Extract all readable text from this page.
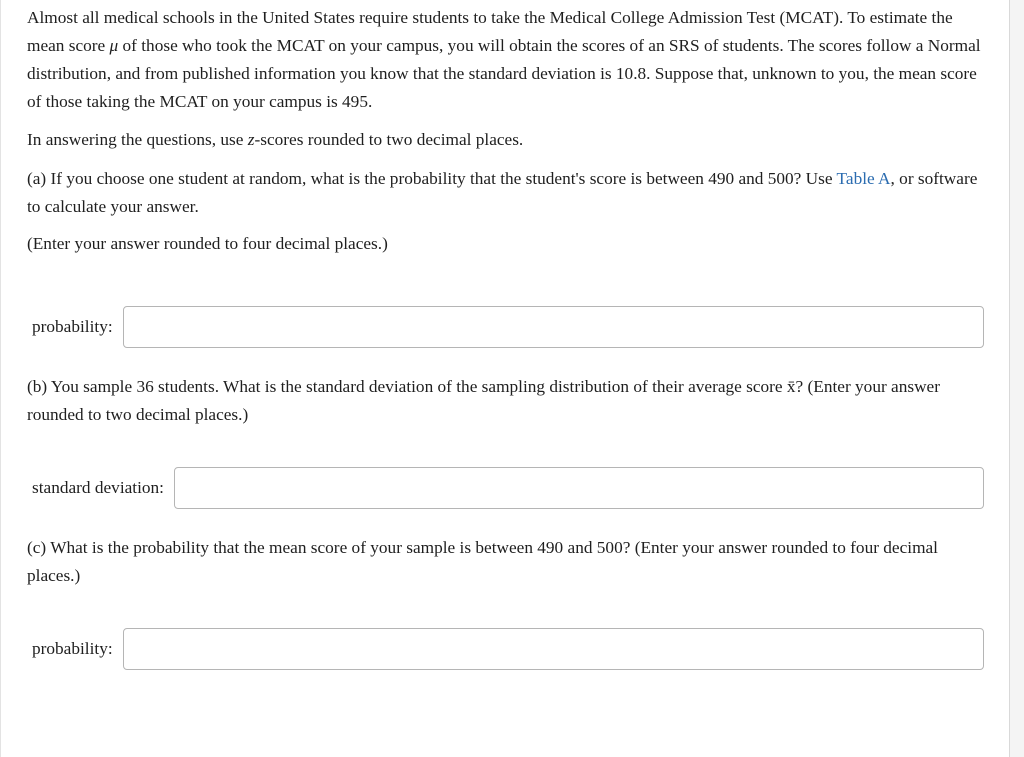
Almost all medical schools in the United States require students to take the Medical College Admission Test (MCAT). To estimate the mean score μ of those who took the MCAT on your campus, you will obtain the scores of an SRS of students. The scores follow a Normal distribution, and from published information you know that the standard deviation is 10.8. Suppose that, unknown to you, the mean score of those taking the MCAT on your campus is 495.

In answering the questions, use z-scores rounded to two decimal places.

(a) If you choose one student at random, what is the probability that the student's score is between 490 and 500? Use Table A, or software to calculate your answer.

(Enter your answer rounded to four decimal places.)

probability:

(b) You sample 36 students. What is the standard deviation of the sampling distribution of their average score x̄? (Enter your answer rounded to two decimal places.)

standard deviation:

(c) What is the probability that the mean score of your sample is between 490 and 500? (Enter your answer rounded to four decimal places.)

probability:
